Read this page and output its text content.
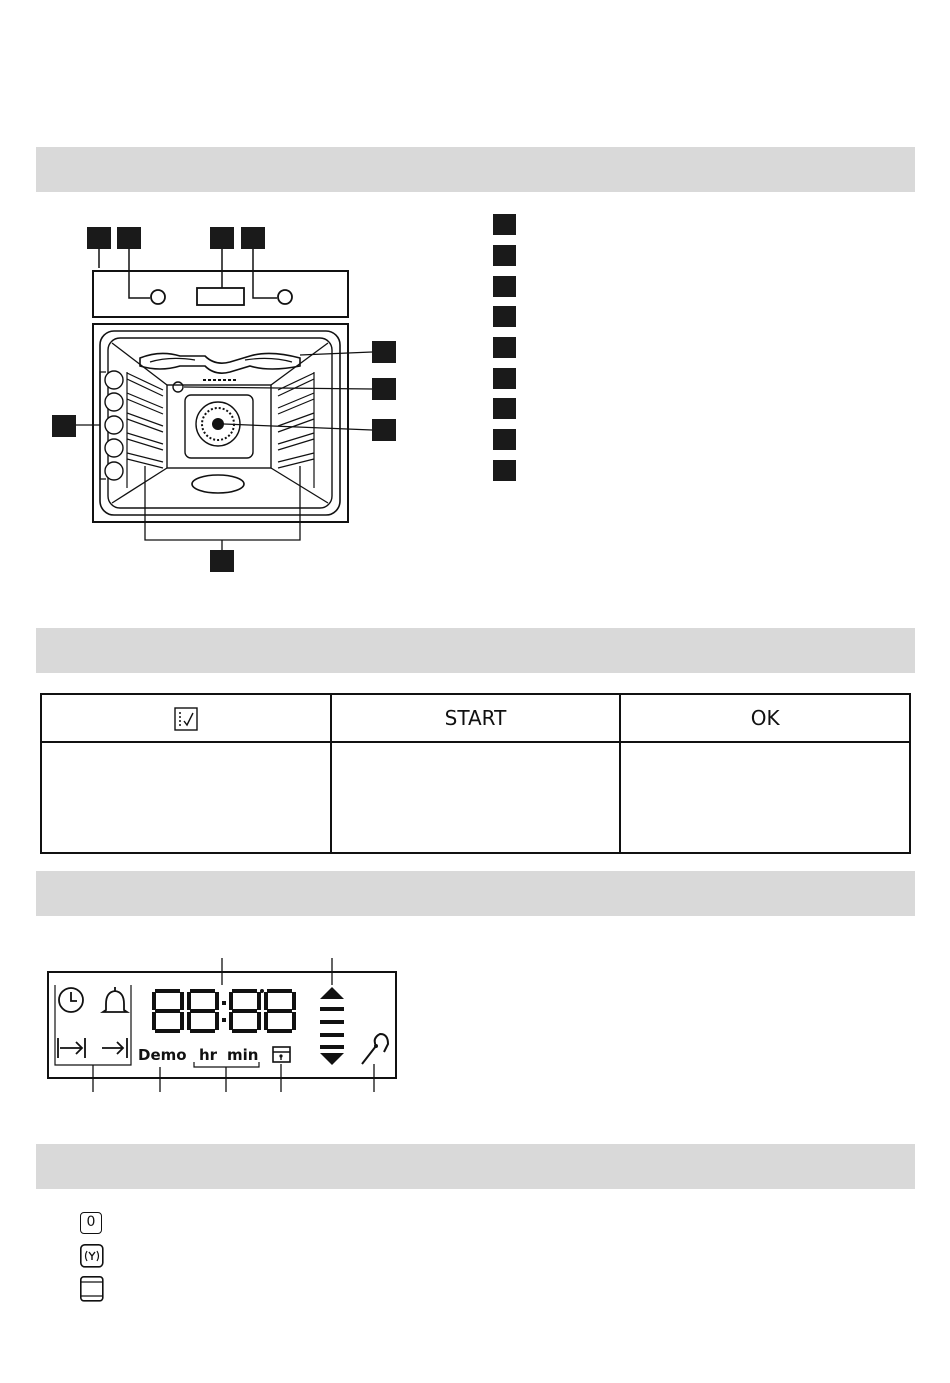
	START	OK

Demo hr min
0
